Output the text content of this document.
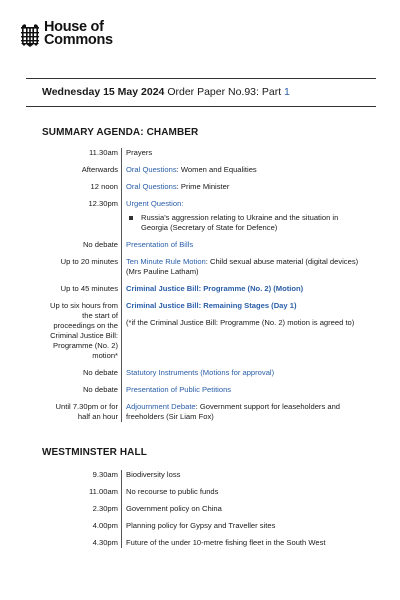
House of
Commons
Wednesday 15 May 2024 Order Paper No.93: Part 1
SUMMARY AGENDA: CHAMBER
11.30am	Prayers

Afterwards	Oral Questions: Women and Equalities

12 noon	Oral Questions: Prime Minister

12.30pm	Urgent Question:

	Russia's aggression relating to Ukraine and the situation in Georgia (Secretary of State for Defence)

No debate	Presentation of Bills

Up to 20 minutes	Ten Minute Rule Motion: Child sexual abuse material (digital devices) (Mrs Pauline Latham)

Up to 45 minutes	Criminal Justice Bill: Programme (No. 2) (Motion)

Up to six hours from the start of proceedings on the Criminal Justice Bill: Programme (No. 2) motion*	Criminal Justice Bill: Remaining Stages (Day 1)
(*if the Criminal Justice Bill: Programme (No. 2) motion is agreed to)

No debate	Statutory Instruments (Motions for approval)

No debate	Presentation of Public Petitions

Until 7.30pm or for half an hour	Adjournment Debate: Government support for leaseholders and freeholders (Sir Liam Fox)
WESTMINSTER HALL
9.30am	Biodiversity loss

11.00am	No recourse to public funds

2.30pm	Government policy on China

4.00pm	Planning policy for Gypsy and Traveller sites

4.30pm	Future of the under 10-metre fishing fleet in the South West
